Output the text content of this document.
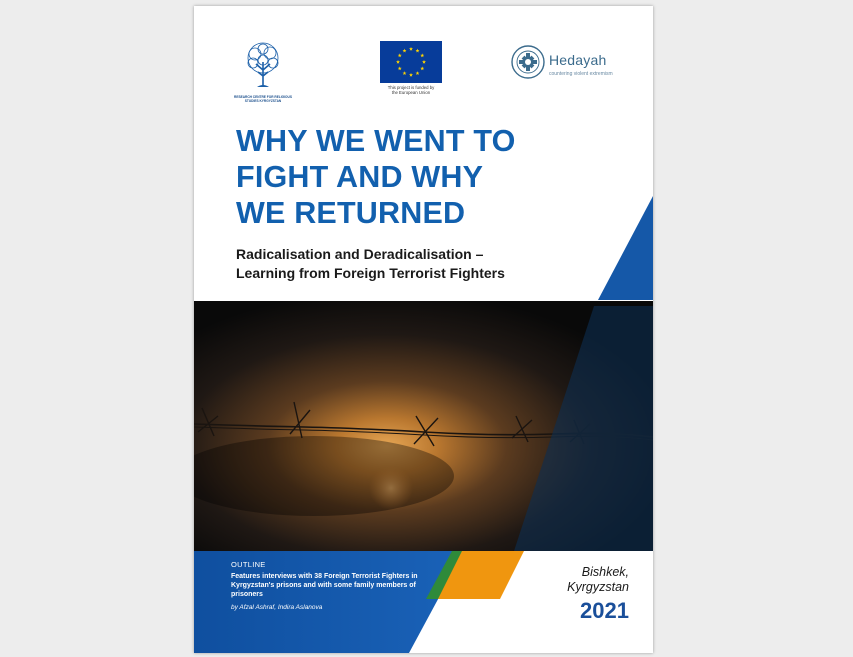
RESEARCH CENTRE FOR RELIGIOUS STUDIES KYRGYZSTAN
This project is funded by
the European Union
Hedayah
countering violent extremism
WHY WE WENT TO
FIGHT AND WHY
WE RETURNED
Radicalisation and Deradicalisation –
Learning from Foreign Terrorist Fighters
OUTLINE
Features interviews with 38 Foreign Terrorist Fighters in Kyrgyzstan's prisons and with some family members of prisoners
by Afzal Ashraf, Indira Aslanova
Bishkek,
Kyrgyzstan
2021
